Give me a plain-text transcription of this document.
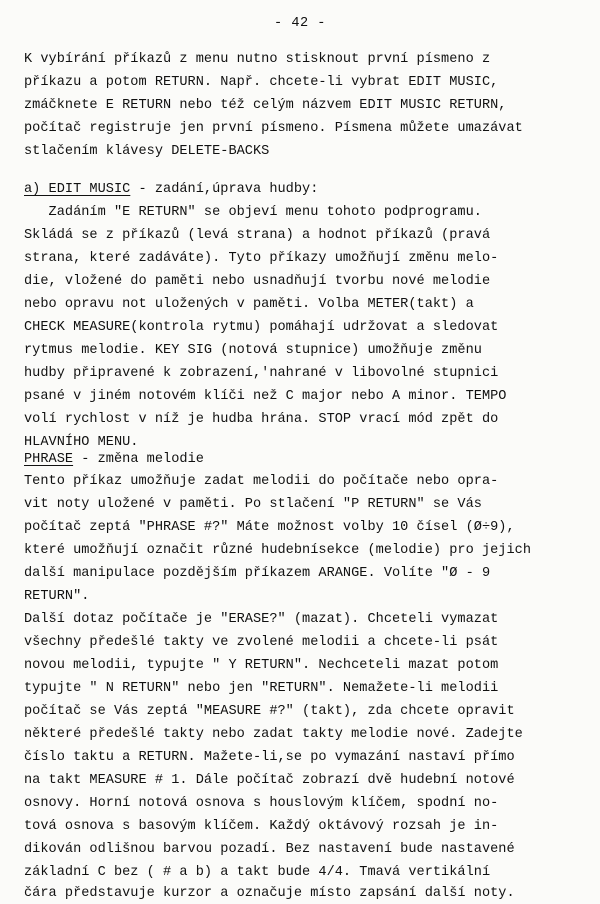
- 42 -
K vybírání příkazů z menu nutno stisknout první písmeno z
příkazu a potom RETURN. Např. chcete-li vybrat EDIT MUSIC,
zmáčknete E RETURN nebo též celým názvem EDIT MUSIC RETURN,
počítač registruje jen první písmeno. Písmena můžete umazávat
stlačením klávesy DELETE-BACKS
a) EDIT MUSIC - zadání,úprava hudby:
Zadáním "E RETURN" se objeví menu tohoto podprogramu.
Skládá se z příkazů (levá strana) a hodnot příkazů (pravá
strana, které zadáváte). Tyto příkazy umožňují změnu melo-
die, vložené do paměti nebo usnadňují tvorbu nové melodie
nebo opravu not uložených v paměti. Volba METER(takt) a
CHECK MEASURE(kontrola rytmu) pomáhají udržovat a sledovat
rytmus melodie. KEY SIG (notová stupnice) umožňuje změnu
hudby připravené k zobrazení,'nahrané v libovolné stupnici
psané v jiném notovém klíči než C major nebo A minor. TEMPO
volí rychlost v níž je hudba hrána. STOP vrací mód zpět do
HLAVNÍHO MENU.
PHRASE - změna melodie
Tento příkaz umožňuje zadat melodii do počítače nebo opra-
vit noty uložené v paměti. Po stlačení "P RETURN" se Vás
počítač zeptá "PHRASE #?" Máte možnost volby 10 čísel (Ø÷9),
které umožňují označit různé hudebnísekce (melodie) pro jejich
další manipulace pozdějším příkazem ARANGE. Volíte "Ø - 9
RETURN".
Další dotaz počítače je "ERASE?" (mazat). Chceteli vymazat
všechny předešlé takty ve zvolené melodii a chcete-li psát
novou melodii, typujte " Y RETURN". Nechceteli mazat potom
typujte " N RETURN" nebo jen "RETURN". Nemažete-li melodii
počítač se Vás zeptá "MEASURE #?" (takt), zda chcete opravit
některé předešlé takty nebo zadat takty melodie nové. Zadejte
číslo taktu a RETURN. Mažete-li,se po vymazání nastaví přímo
na takt MEASURE # 1. Dále počítač zobrazí dvě hudební notové
osnovy. Horní notová osnova s houslovým klíčem, spodní no-
tová osnova s basovým klíčem. Každý oktávový rozsah je in-
dikován odlišnou barvou pozadí. Bez nastavení bude nastavené
základní C bez ( # a b) a takt bude 4/4. Tmavá vertikální
čára představuje kurzor a označuje místo zapsání další noty.
